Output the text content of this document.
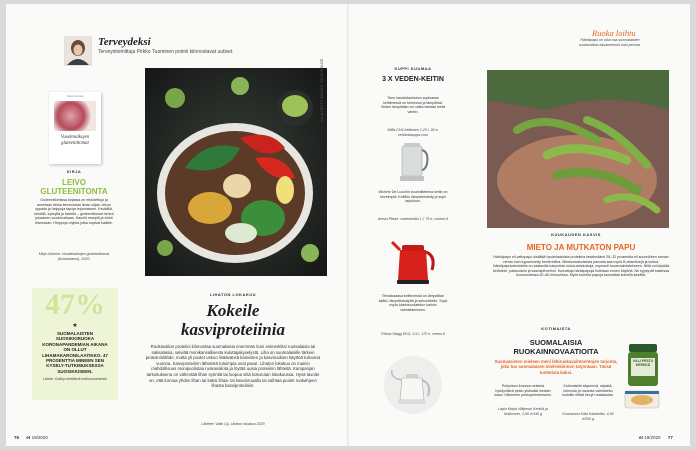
Terveydeksi
Terveystoimittaja Pirkko Tuominen poimii kiinnostavat uutiset.
Saara Sennola
Vuodenaikojen gluteenittomat
KIRJA
LEIVO
GLUTEENITONTA
Gluteenittomissa kirjassa on ehdotettuja ja annetaan tietoa leivonnasta ilman viljaa, leivon oppaita ja helppoja tapoja leipomiseen. Keväällä, kesällä, syksyllä ja talvella – gluteenittomat herkut jokaiseen vuodenaikaan. Kauniit reseptit ja vinkit leivontaan. Helppoja ohjeita jotka sopivat kaikille.
Mirja Jokinen: Vuodenaikojen gluteenittomat (Kustantamo), 2020.
47%
★
SUOMALAISTEN SUOSIKKIRUOKA KORONAPANDEMIAN AIKANA ON OLLUT LIHAMAKARONILAATIKKO. 47 PROSENTTIA MINEEN SEN KYSELY-TUTKIMUKSESSA SUOSIKKISEEN.
Lähde: Gallup-teettämä tutkimusaineisto
Kuvat GETTY IMAGES, TALOUSTAIDE
LIHATON LOKAKUU
Kokeile
kasviproteiinia
Ruokavalion proteiini kiinnostaa suomalaisia enemmän kuin esimerkiksi ruotsalaisia tai saksalaisia, selviää monikansallisesta kuluttajakyselystä. Liha on suomalaisille tärkein proteiininlähde, mutta yli puolet uskoo lisäävänsä kasvisten ja kasviruokien käyttöä tulevana vuonna. Kasviproteiinin lähteistä tutuimpia ovat pavut. Lihaton lokakuu on mainio mahdollisuus monipuolistaa ruokavaliota ja löytää uusia proteiinin lähteitä. Kampanjan tarkoituksena on vähentää lihan syöntiä tai luopua siitä kokonaan lokakuussa. Hyvä tavoite on, että korvaa yhden lihan tai kaksi lihaa- tai kasvisruualla tai vaihtaa puolet ruokahjeen lihasta kasviproteiiniin.
Lähteet: Valio Oy, Lihaton lokakuu 2020
KUPPI KUUMAA
3 X VEDEN-KEITIN
Teen hauduttamiseen sopivassa keittimessä on toiminnot ja lämpötilat. Veden lämpötilan voi valita tarkasti teetä varten.
Wilfa CH4 keittimen 1,25 l, 90 e, verkkokauppa.com
Michele De Lucchin suunnittelema keitin on keveimpiä. Keittiön lämpöeristetty ja sopii tarjoiluun.
Alessi Plissé -vedenkeitin 1 l, 75 e, corkon.fi
Tehokkaassa keittimessä on lämpötilan säätö, lämpötilanäyttö ja sekuntikello. Sopii myös käsinsuodatetun kahvin valmistamiseen.
Fellow Stagg EKG, 0,9 l, 170 e, cremo.fi
Ruoka loihtu
Härkäpapu on ollut osa suomalaisten ruokavaliota kauanemmin kuin peruna.
KUUKAUDEN KASVIS
MIETO JA MUTKATON PAPU
Härkäpapu eli peltopapu sisältää hyvänlaatuista proteiinia keskimäärin 28–32 prosenttia eli suunnilleen saman verran kuin kypsennetty broilerinliha. Miedonmakuisesta pavusta saa myös B-vitamiineja ja kuitua. Härkäpapuvalmisteita on saatavilla kaupoista ruoka-ainekokoja, nopeasti ruoanvalmistukseen. Niitä voi käyttää keittoihin, pataruokiin ja kasvispihveihin. Kuivattuja härkäpapuja liotetaan ennen käyttöä. Ne kypsyvät kaikessa kuumuudessa 40–60 minuutissa. Myös tuoreita papuja kannattaa kokeilla kesällä.
KOTIMAISTA
SUOMALAISIA
RUOKAINNOVAATIOITA
Suomalaisten mieleen meni lähiruokavaihtoehtojen tarjonta, joka tuo suomalaisen mielenkiinnon tarjontaan. Tässä tuotteista kaksi.
Pohjoisen luonnon antimia hyödyntävä pesto yhdistää metsän maun Välimeren pestoperinteeseen.
Lapin Marja Villipesto Kerkkä ja Nokkonen, 2,90 e/140 g
Kotimaisille säynnevä, säpistä, lohensia ja hauesta valmistettu luotuille riittää kevyt ruokalautas.
Kuusamon Kala Kalakeitto, 4,50 e/200 g
VILLI PESTO KERKKÄ
76 et 19/2020	et 19/2020 77
